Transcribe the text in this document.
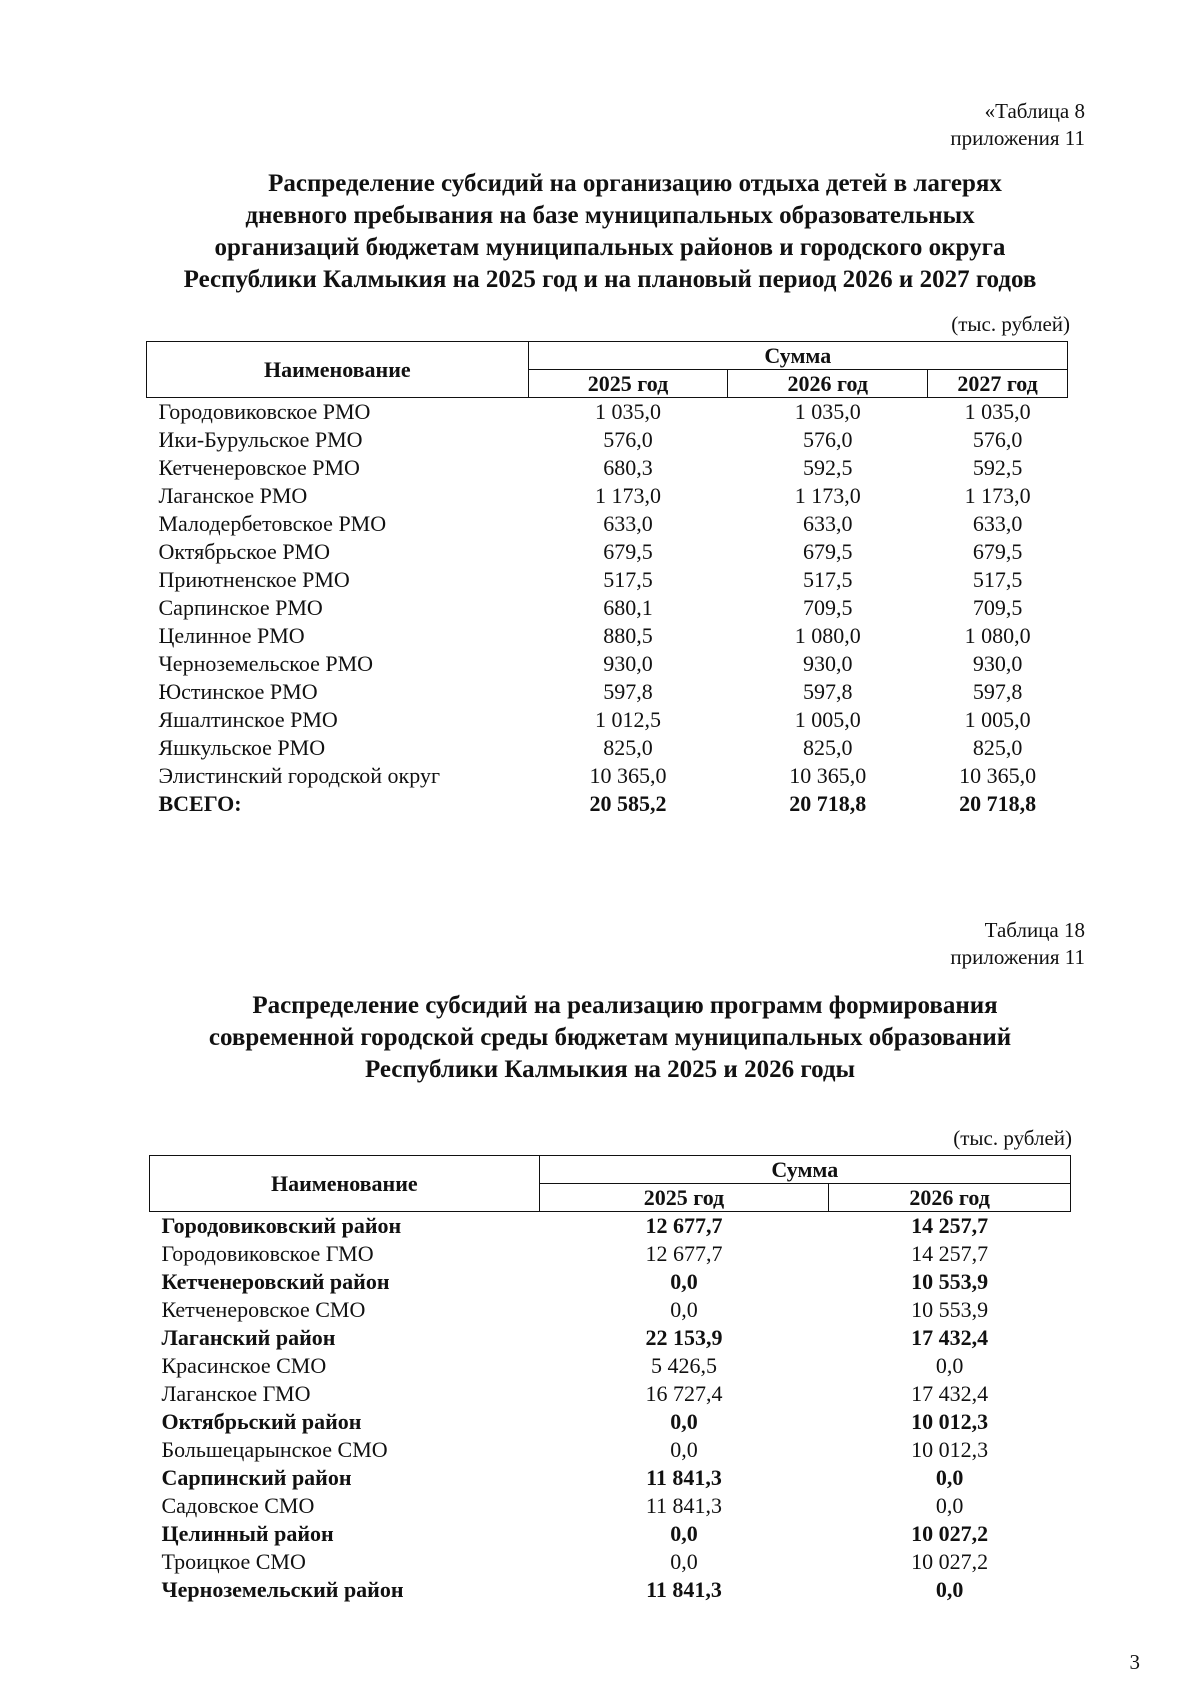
«Таблица 8
приложения 11
Распределение субсидий на организацию отдыха детей в лагерях
дневного пребывания на базе муниципальных образовательных
организаций бюджетам муниципальных районов и городского округа
Республики Калмыкия на 2025 год и на плановый период 2026 и 2027 годов
(тыс. рублей)
Наименование	Сумма		
	2025 год	2026 год	2027 год
Городовиковское РМО	1 035,0	1 035,0	1 035,0
Ики-Бурульское РМО	576,0	576,0	576,0
Кетченеровское РМО	680,3	592,5	592,5
Лаганское РМО	1 173,0	1 173,0	1 173,0
Малодербетовское РМО	633,0	633,0	633,0
Октябрьское РМО	679,5	679,5	679,5
Приютненское РМО	517,5	517,5	517,5
Сарпинское РМО	680,1	709,5	709,5
Целинное РМО	880,5	1 080,0	1 080,0
Черноземельское РМО	930,0	930,0	930,0
Юстинское РМО	597,8	597,8	597,8
Яшалтинское РМО	1 012,5	1 005,0	1 005,0
Яшкульское РМО	825,0	825,0	825,0
Элистинский городской округ	10 365,0	10 365,0	10 365,0
ВСЕГО:	20 585,2	20 718,8	20 718,8
Таблица 18
приложения 11
Распределение субсидий на реализацию программ формирования
современной городской среды бюджетам муниципальных образований
Республики Калмыкия на 2025 и 2026 годы
(тыс. рублей)
Наименование	Сумма	
	2025 год	2026 год
Городовиковский район	12 677,7	14 257,7
Городовиковское ГМО	12 677,7	14 257,7
Кетченеровский район	0,0	10 553,9
Кетченеровское СМО	0,0	10 553,9
Лаганский район	22 153,9	17 432,4
Красинское СМО	5 426,5	0,0
Лаганское ГМО	16 727,4	17 432,4
Октябрьский район	0,0	10 012,3
Большецарынское СМО	0,0	10 012,3
Сарпинский район	11 841,3	0,0
Садовское СМО	11 841,3	0,0
Целинный район	0,0	10 027,2
Троицкое СМО	0,0	10 027,2
Черноземельский район	11 841,3	0,0
3
